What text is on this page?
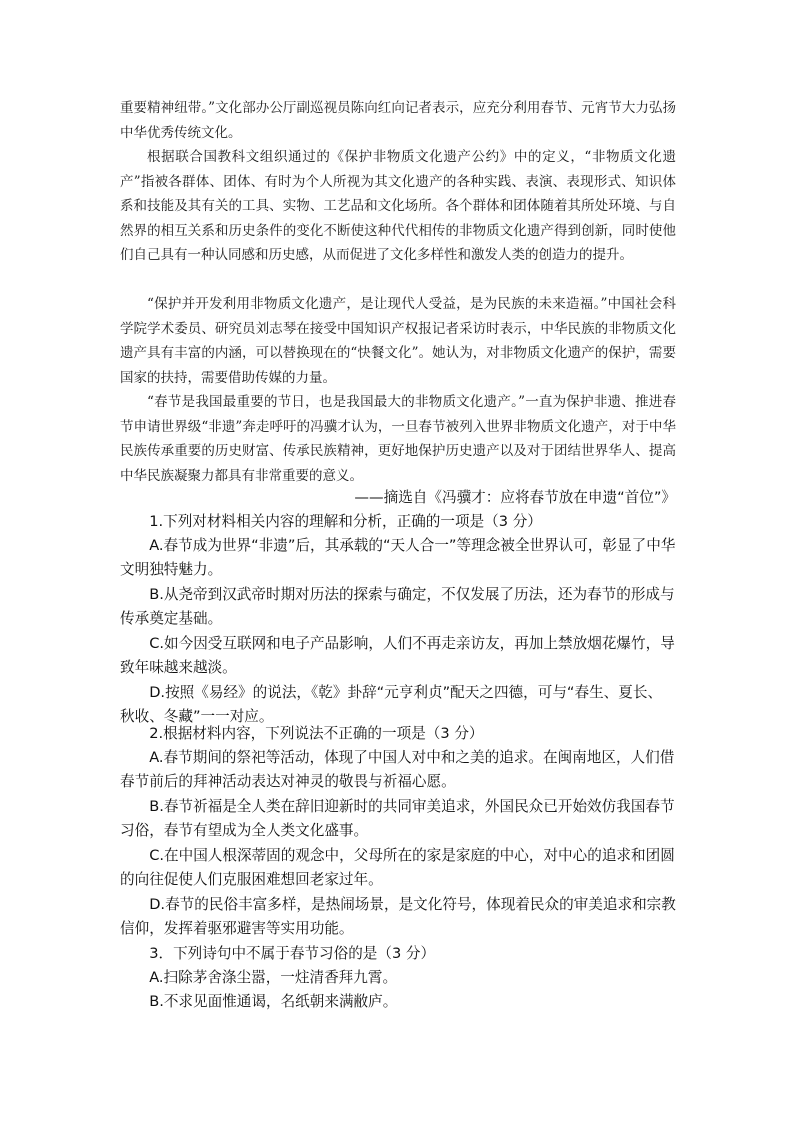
重要精神纽带。”文化部办公厅副巡视员陈向红向记者表示，应充分利用春节、元宵节大力弘扬中华优秀传统文化。
根据联合国教科文组织通过的《保护非物质文化遗产公约》中的定义，“非物质文化遗产”指被各群体、团体、有时为个人所视为其文化遗产的各种实践、表演、表现形式、知识体系和技能及其有关的工具、实物、工艺品和文化场所。各个群体和团体随着其所处环境、与自然界的相互关系和历史条件的变化不断使这种代代相传的非物质文化遗产得到创新，同时使他们自己具有一种认同感和历史感，从而促进了文化多样性和激发人类的创造力的提升。
“保护并开发利用非物质文化遗产，是让现代人受益，是为民族的未来造福。”中国社会科学院学术委员、研究员刘志琴在接受中国知识产权报记者采访时表示，中华民族的非物质文化遗产具有丰富的内涵，可以替换现在的“快餐文化”。她认为，对非物质文化遗产的保护，需要国家的扶持，需要借助传媒的力量。
“春节是我国最重要的节日，也是我国最大的非物质文化遗产。”一直为保护非遗、推进春节申请世界级“非遗”奔走呼吁的冯骥才认为，一旦春节被列入世界非物质文化遗产，对于中华民族传承重要的历史财富、传承民族精神，更好地保护历史遗产以及对于团结世界华人、提高中华民族凝聚力都具有非常重要的意义。
——摘选自《冯骥才：应将春节放在申遗“首位”》
1.下列对材料相关内容的理解和分析，正确的一项是（3 分）
A.春节成为世界“非遗”后，其承载的“天人合一”等理念被全世界认可，彰显了中华文明独特魅力。
B.从尧帝到汉武帝时期对历法的探索与确定，不仅发展了历法，还为春节的形成与传承奠定基础。
C.如今因受互联网和电子产品影响，人们不再走亲访友，再加上禁放烟花爆竹，导致年味越来越淡。
D.按照《易经》的说法，《乾》卦辞“元亨利贞”配天之四德，可与“春生、夏长、秋收、冬藏”一一对应。
2.根据材料内容，下列说法不正确的一项是（3 分）
A.春节期间的祭祀等活动，体现了中国人对中和之美的追求。在闽南地区，人们借春节前后的拜神活动表达对神灵的敬畏与祈福心愿。
B.春节祈福是全人类在辞旧迎新时的共同审美追求，外国民众已开始效仿我国春节习俗，春节有望成为全人类文化盛事。
C.在中国人根深蒂固的观念中，父母所在的家是家庭的中心，对中心的追求和团圆的向往促使人们克服困难想回老家过年。
D.春节的民俗丰富多样，是热闹场景，是文化符号，体现着民众的审美追求和宗教信仰，发挥着驱邪避害等实用功能。
3．下列诗句中不属于春节习俗的是（3 分）
A.扫除茅舍涤尘嚣，一炷清香拜九霄。
B.不求见面惟通谒，名纸朝来满敝庐。
